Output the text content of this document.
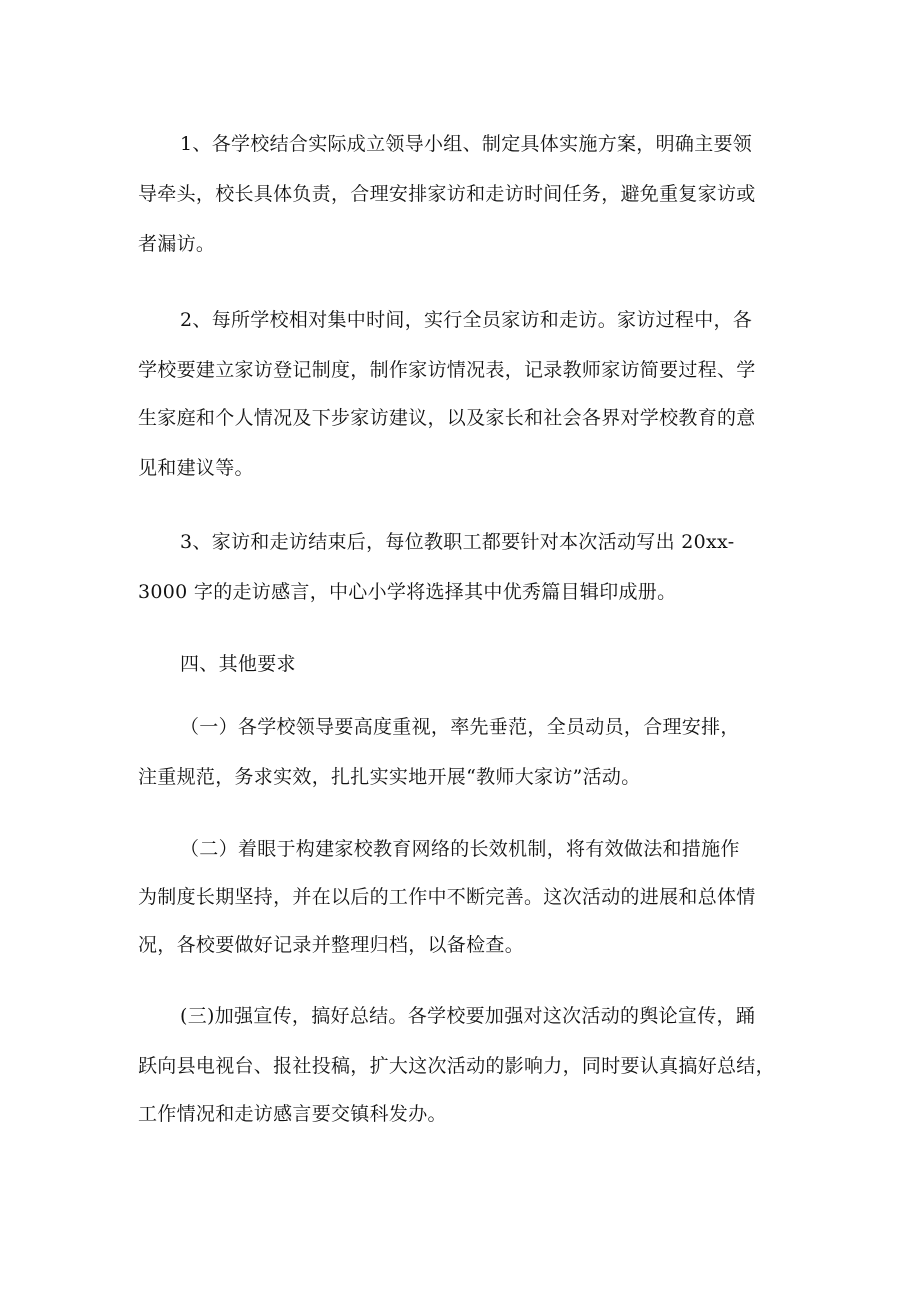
1、各学校结合实际成立领导小组、制定具体实施方案，明确主要领
导牵头，校长具体负责，合理安排家访和走访时间任务，避免重复家访或
者漏访。
2、每所学校相对集中时间，实行全员家访和走访。家访过程中，各
学校要建立家访登记制度，制作家访情况表，记录教师家访简要过程、学
生家庭和个人情况及下步家访建议，以及家长和社会各界对学校教育的意
见和建议等。
3、家访和走访结束后，每位教职工都要针对本次活动写出 20xx-
3000 字的走访感言，中心小学将选择其中优秀篇目辑印成册。
四、其他要求
（一）各学校领导要高度重视，率先垂范，全员动员，合理安排，
注重规范，务求实效，扎扎实实地开展“教师大家访”活动。
（二）着眼于构建家校教育网络的长效机制，将有效做法和措施作
为制度长期坚持，并在以后的工作中不断完善。这次活动的进展和总体情
况，各校要做好记录并整理归档，以备检查。
(三)加强宣传，搞好总结。各学校要加强对这次活动的舆论宣传，踊
跃向县电视台、报社投稿，扩大这次活动的影响力，同时要认真搞好总结，
工作情况和走访感言要交镇科发办。
